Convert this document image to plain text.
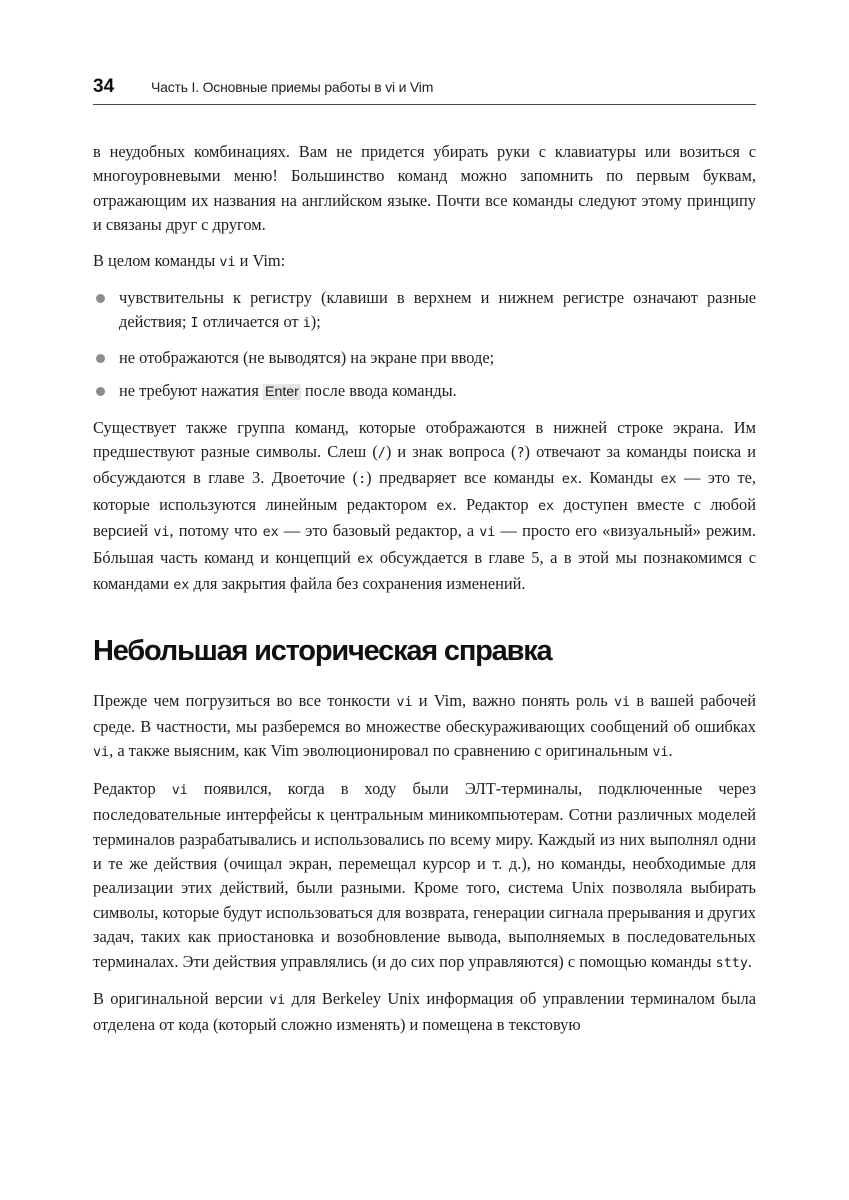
34	Часть I. Основные приемы работы в vi и Vim

в неудобных комбинациях. Вам не придется убирать руки с клавиатуры или возиться с многоуровневыми меню! Большинство команд можно запомнить по первым буквам, отражающим их названия на английском языке. Почти все команды следуют этому принципу и связаны друг с другом.

В целом команды vi и Vim:

чувствительны к регистру (клавиши в верхнем и нижнем регистре означают разные действия; I отличается от i);
не отображаются (не выводятся) на экране при вводе;
не требуют нажатия Enter после ввода команды.

Существует также группа команд, которые отображаются в нижней строке экрана. Им предшествуют разные символы. Слеш (/) и знак вопроса (?) отвечают за команды поиска и обсуждаются в главе 3. Двоеточие (:) предваряет все команды ex. Команды ex — это те, которые используются линейным редактором ex. Редактор ex доступен вместе с любой версией vi, потому что ex — это базовый редактор, а vi — просто его «визуальный» режим. Бóльшая часть команд и концепций ex обсуждается в главе 5, а в этой мы познакомимся с командами ex для закрытия файла без сохранения изменений.

Небольшая историческая справка

Прежде чем погрузиться во все тонкости vi и Vim, важно понять роль vi в вашей рабочей среде. В частности, мы разберемся во множестве обескураживающих сообщений об ошибках vi, а также выясним, как Vim эволюционировал по сравнению с оригинальным vi.

Редактор vi появился, когда в ходу были ЭЛТ-терминалы, подключенные через последовательные интерфейсы к центральным миникомпьютерам. Сотни различных моделей терминалов разрабатывались и использовались по всему миру. Каждый из них выполнял одни и те же действия (очищал экран, перемещал курсор и т. д.), но команды, необходимые для реализации этих действий, были разными. Кроме того, система Unix позволяла выбирать символы, которые будут использоваться для возврата, генерации сигнала прерывания и других задач, таких как приостановка и возобновление вывода, выполняемых в последовательных терминалах. Эти действия управлялись (и до сих пор управляются) с помощью команды stty.

В оригинальной версии vi для Berkeley Unix информация об управлении терминалом была отделена от кода (который сложно изменять) и помещена в текстовую
